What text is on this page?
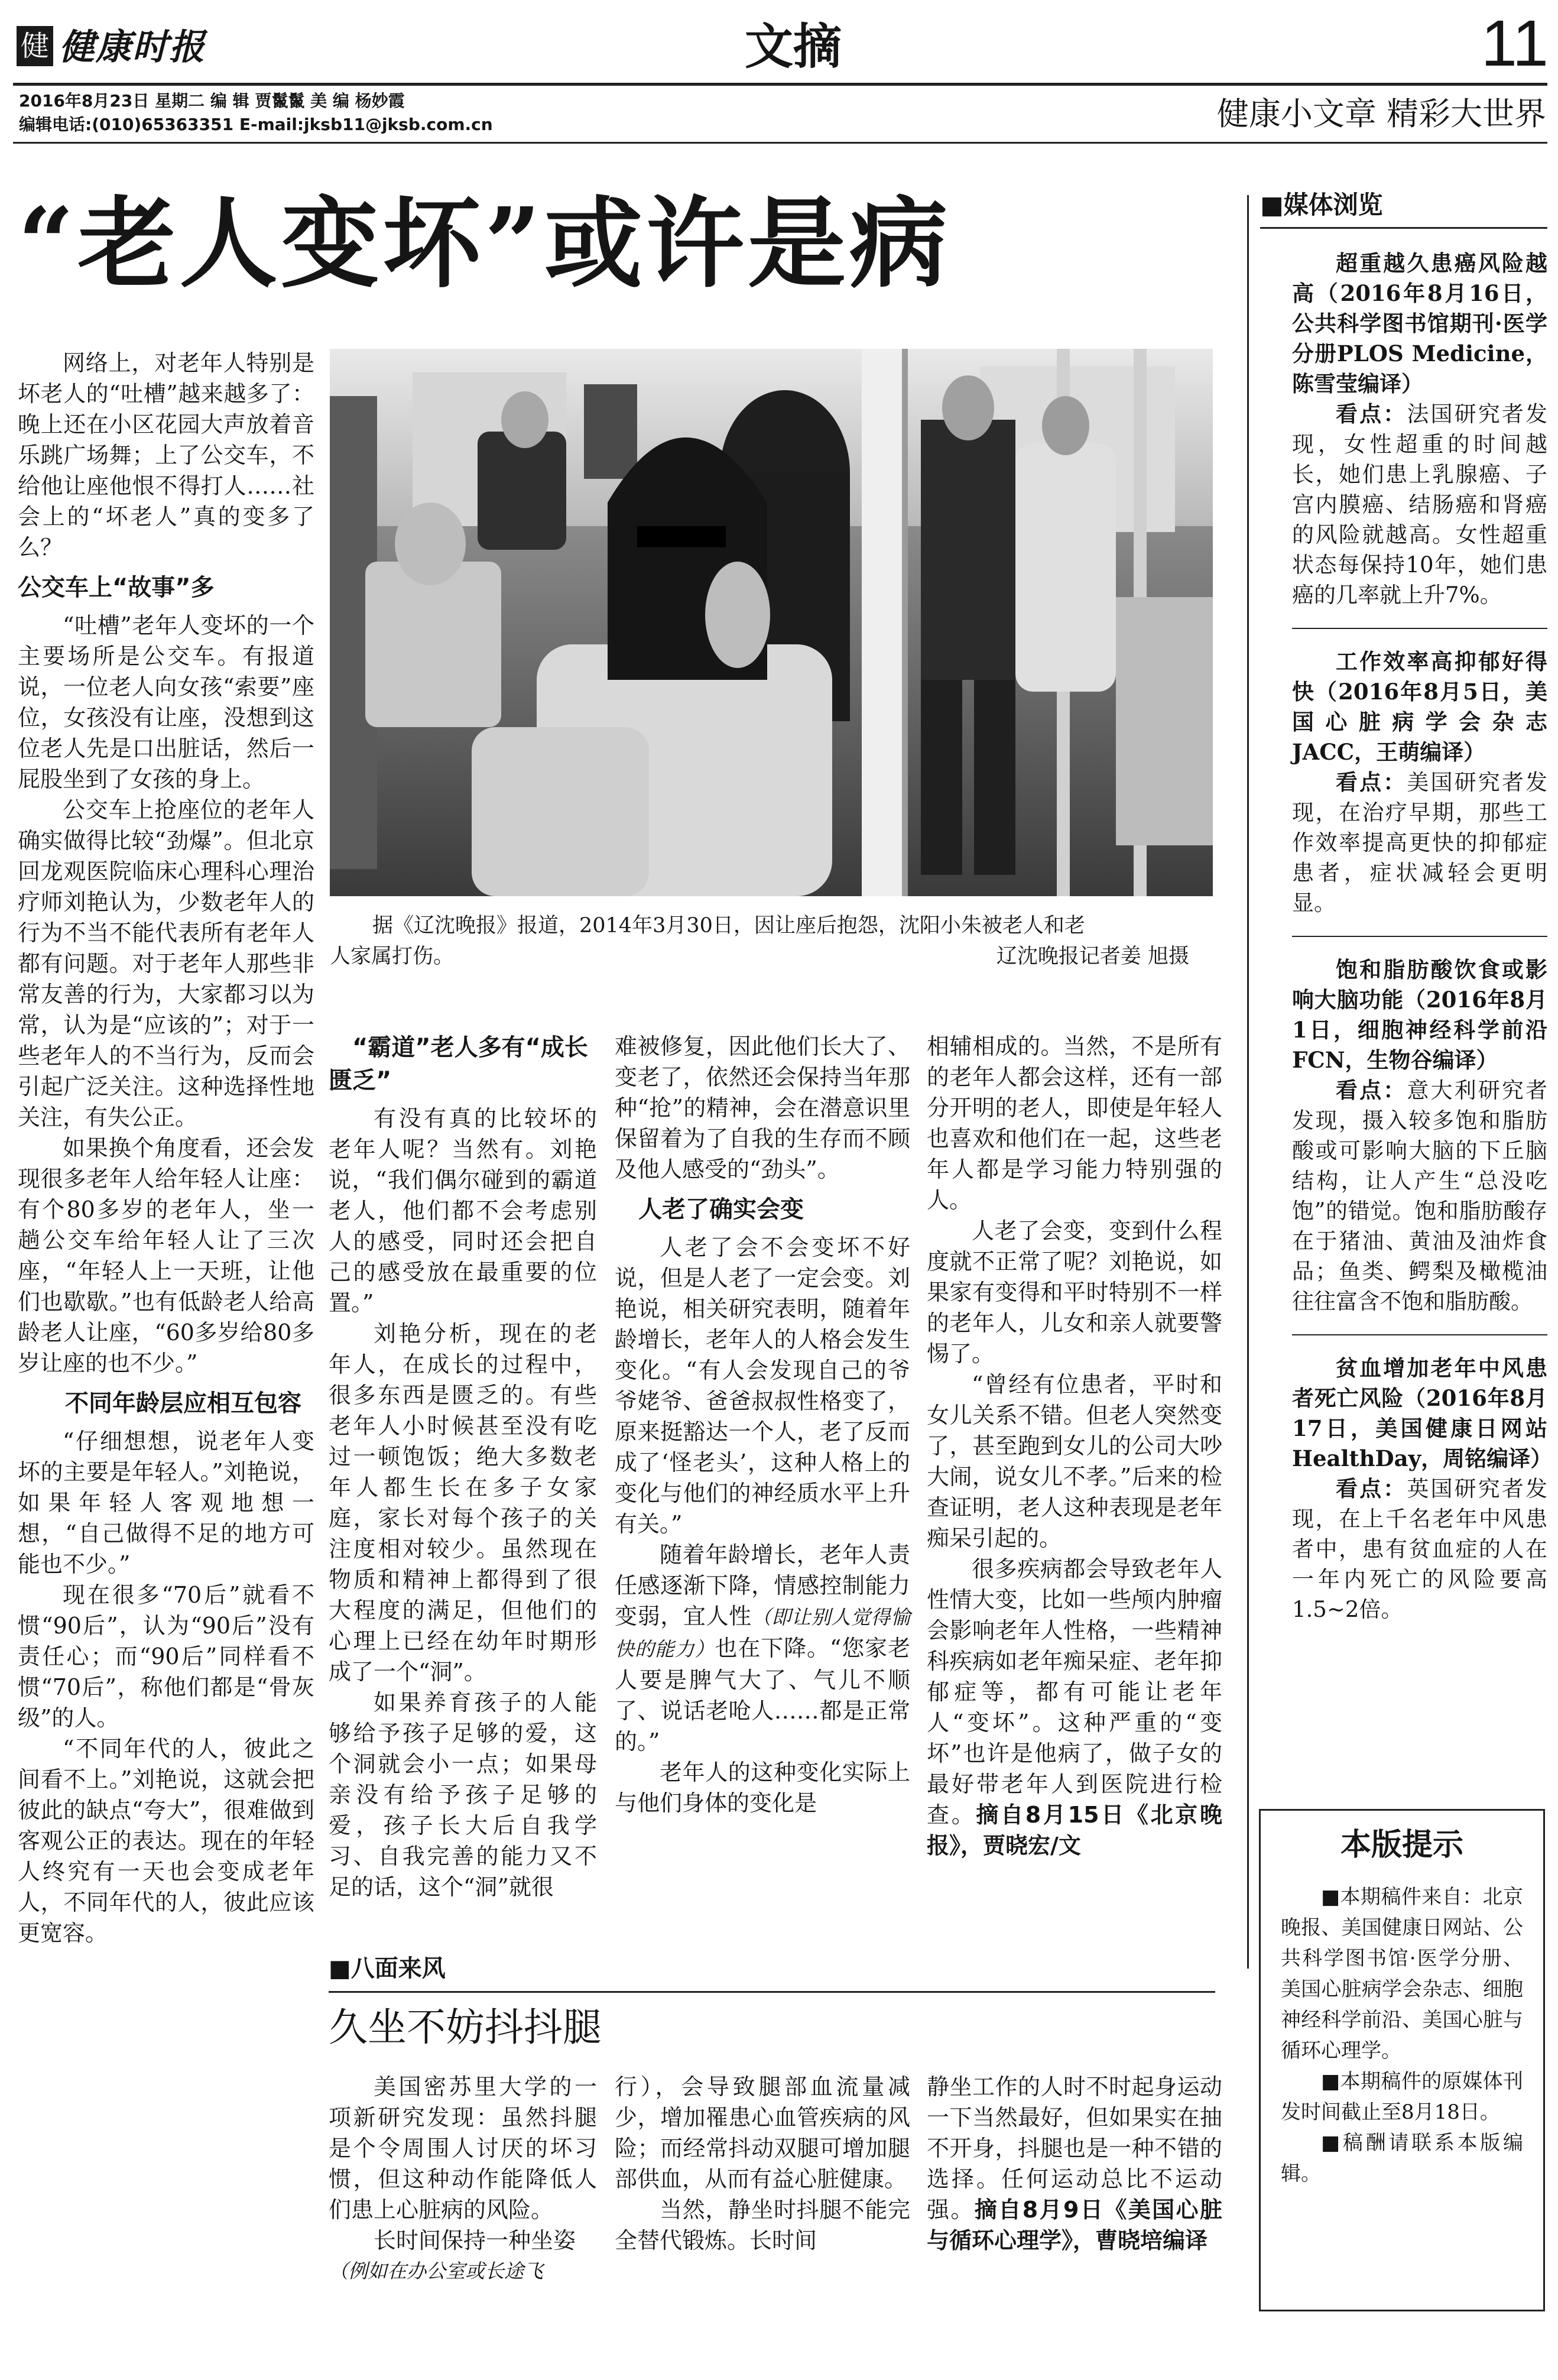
健 健康时报	文摘	11
2016年8月23日 星期二 编 辑 贾鬣鬣 美 编 杨妙霞
编辑电话:(010)65363351 E-mail:jksb11@jksb.com.cn	健康小文章 精彩大世界
“老人变坏”或许是病
据《辽沈晚报》报道，2014年3月30日，因让座后抱怨，沈阳小朱被老人和老
人家属打伤。	辽沈晚报记者姜 旭摄

网络上，对老年人特别是坏老人的“吐槽”越来越多了：晚上还在小区花园大声放着音乐跳广场舞；上了公交车，不给他让座他恨不得打人……社会上的“坏老人”真的变多了么？

公交车上“故事”多

“吐槽”老年人变坏的一个主要场所是公交车。有报道说，一位老人向女孩“索要”座位，女孩没有让座，没想到这位老人先是口出脏话，然后一屁股坐到了女孩的身上。

公交车上抢座位的老年人确实做得比较“劲爆”。但北京回龙观医院临床心理科心理治疗师刘艳认为，少数老年人的行为不当不能代表所有老年人都有问题。对于老年人那些非常友善的行为，大家都习以为常，认为是“应该的”；对于一些老年人的不当行为，反而会引起广泛关注。这种选择性地关注，有失公正。

如果换个角度看，还会发现很多老年人给年轻人让座：有个80多岁的老年人，坐一趟公交车给年轻人让了三次座，“年轻人上一天班，让他们也歇歇。”也有低龄老人给高龄老人让座，“60多岁给80多岁让座的也不少。”

不同年龄层应相互包容

“仔细想想，说老年人变坏的主要是年轻人。”刘艳说，如果年轻人客观地想一想，“自己做得不足的地方可能也不少。”

现在很多“70后”就看不惯“90后”，认为“90后”没有责任心；而“90后”同样看不惯“70后”，称他们都是“骨灰级”的人。

“不同年代的人，彼此之间看不上。”刘艳说，这就会把彼此的缺点“夸大”，很难做到客观公正的表达。现在的年轻人终究有一天也会变成老年人，不同年代的人，彼此应该更宽容。

“霸道”老人多有“成长匮乏”

有没有真的比较坏的老年人呢？当然有。刘艳说，“我们偶尔碰到的霸道老人，他们都不会考虑别人的感受，同时还会把自己的感受放在最重要的位置。”

刘艳分析，现在的老年人，在成长的过程中，很多东西是匮乏的。有些老年人小时候甚至没有吃过一顿饱饭；绝大多数老年人都生长在多子女家庭，家长对每个孩子的关注度相对较少。虽然现在物质和精神上都得到了很大程度的满足，但他们的心理上已经在幼年时期形成了一个“洞”。

如果养育孩子的人能够给予孩子足够的爱，这个洞就会小一点；如果母亲没有给予孩子足够的爱，孩子长大后自我学习、自我完善的能力又不足的话，这个“洞”就很

难被修复，因此他们长大了、变老了，依然还会保持当年那种“抢”的精神，会在潜意识里保留着为了自我的生存而不顾及他人感受的“劲头”。

人老了确实会变

人老了会不会变坏不好说，但是人老了一定会变。刘艳说，相关研究表明，随着年龄增长，老年人的人格会发生变化。“有人会发现自己的爷爷姥爷、爸爸叔叔性格变了，原来挺豁达一个人，老了反而成了‘怪老头’，这种人格上的变化与他们的神经质水平上升有关。”

随着年龄增长，老年人责任感逐渐下降，情感控制能力变弱，宜人性（即让别人觉得愉快的能力）也在下降。“您家老人要是脾气大了、气儿不顺了、说话老呛人……都是正常的。”

老年人的这种变化实际上与他们身体的变化是

相辅相成的。当然，不是所有的老年人都会这样，还有一部分开明的老人，即使是年轻人也喜欢和他们在一起，这些老年人都是学习能力特别强的人。

人老了会变，变到什么程度就不正常了呢？刘艳说，如果家有变得和平时特别不一样的老年人，儿女和亲人就要警惕了。

“曾经有位患者，平时和女儿关系不错。但老人突然变了，甚至跑到女儿的公司大吵大闹，说女儿不孝。”后来的检查证明，老人这种表现是老年痴呆引起的。

很多疾病都会导致老年人性情大变，比如一些颅内肿瘤会影响老年人性格，一些精神科疾病如老年痴呆症、老年抑郁症等，都有可能让老年人“变坏”。这种严重的“变坏”也许是他病了，做子女的最好带老年人到医院进行检查。摘自8月15日《北京晚报》，贾晓宏/文

■八面来风
久坐不妨抖抖腿

美国密苏里大学的一项新研究发现：虽然抖腿是个令周围人讨厌的坏习惯，但这种动作能降低人们患上心脏病的风险。

长时间保持一种坐姿

（例如在办公室或长途飞

行），会导致腿部血流量减少，增加罹患心血管疾病的风险；而经常抖动双腿可增加腿部供血，从而有益心脏健康。

当然，静坐时抖腿不能完全替代锻炼。长时间

静坐工作的人时不时起身运动一下当然最好，但如果实在抽不开身，抖腿也是一种不错的选择。任何运动总比不运动强。摘自8月9日《美国心脏与循环心理学》，曹晓培编译

■媒体浏览

超重越久患癌风险越高（2016年8月16日，公共科学图书馆期刊·医学分册PLOS Medicine，陈雪莹编译）

看点：法国研究者发现，女性超重的时间越长，她们患上乳腺癌、子宫内膜癌、结肠癌和肾癌的风险就越高。女性超重状态每保持10年，她们患癌的几率就上升7%。

工作效率高抑郁好得快（2016年8月5日，美国心脏病学会杂志JACC，王萌编译）

看点：美国研究者发现，在治疗早期，那些工作效率提高更快的抑郁症患者，症状减轻会更明显。

饱和脂肪酸饮食或影响大脑功能（2016年8月1日，细胞神经科学前沿FCN，生物谷编译）

看点：意大利研究者发现，摄入较多饱和脂肪酸或可影响大脑的下丘脑结构，让人产生“总没吃饱”的错觉。饱和脂肪酸存在于猪油、黄油及油炸食品；鱼类、鳄梨及橄榄油往往富含不饱和脂肪酸。

贫血增加老年中风患者死亡风险（2016年8月17日，美国健康日网站HealthDay，周铭编译）

看点：英国研究者发现，在上千名老年中风患者中，患有贫血症的人在一年内死亡的风险要高1.5~2倍。

本版提示

■本期稿件来自：北京晚报、美国健康日网站、公共科学图书馆·医学分册、美国心脏病学会杂志、细胞神经科学前沿、美国心脏与循环心理学。

■本期稿件的原媒体刊发时间截止至8月18日。

■稿酬请联系本版编辑。
